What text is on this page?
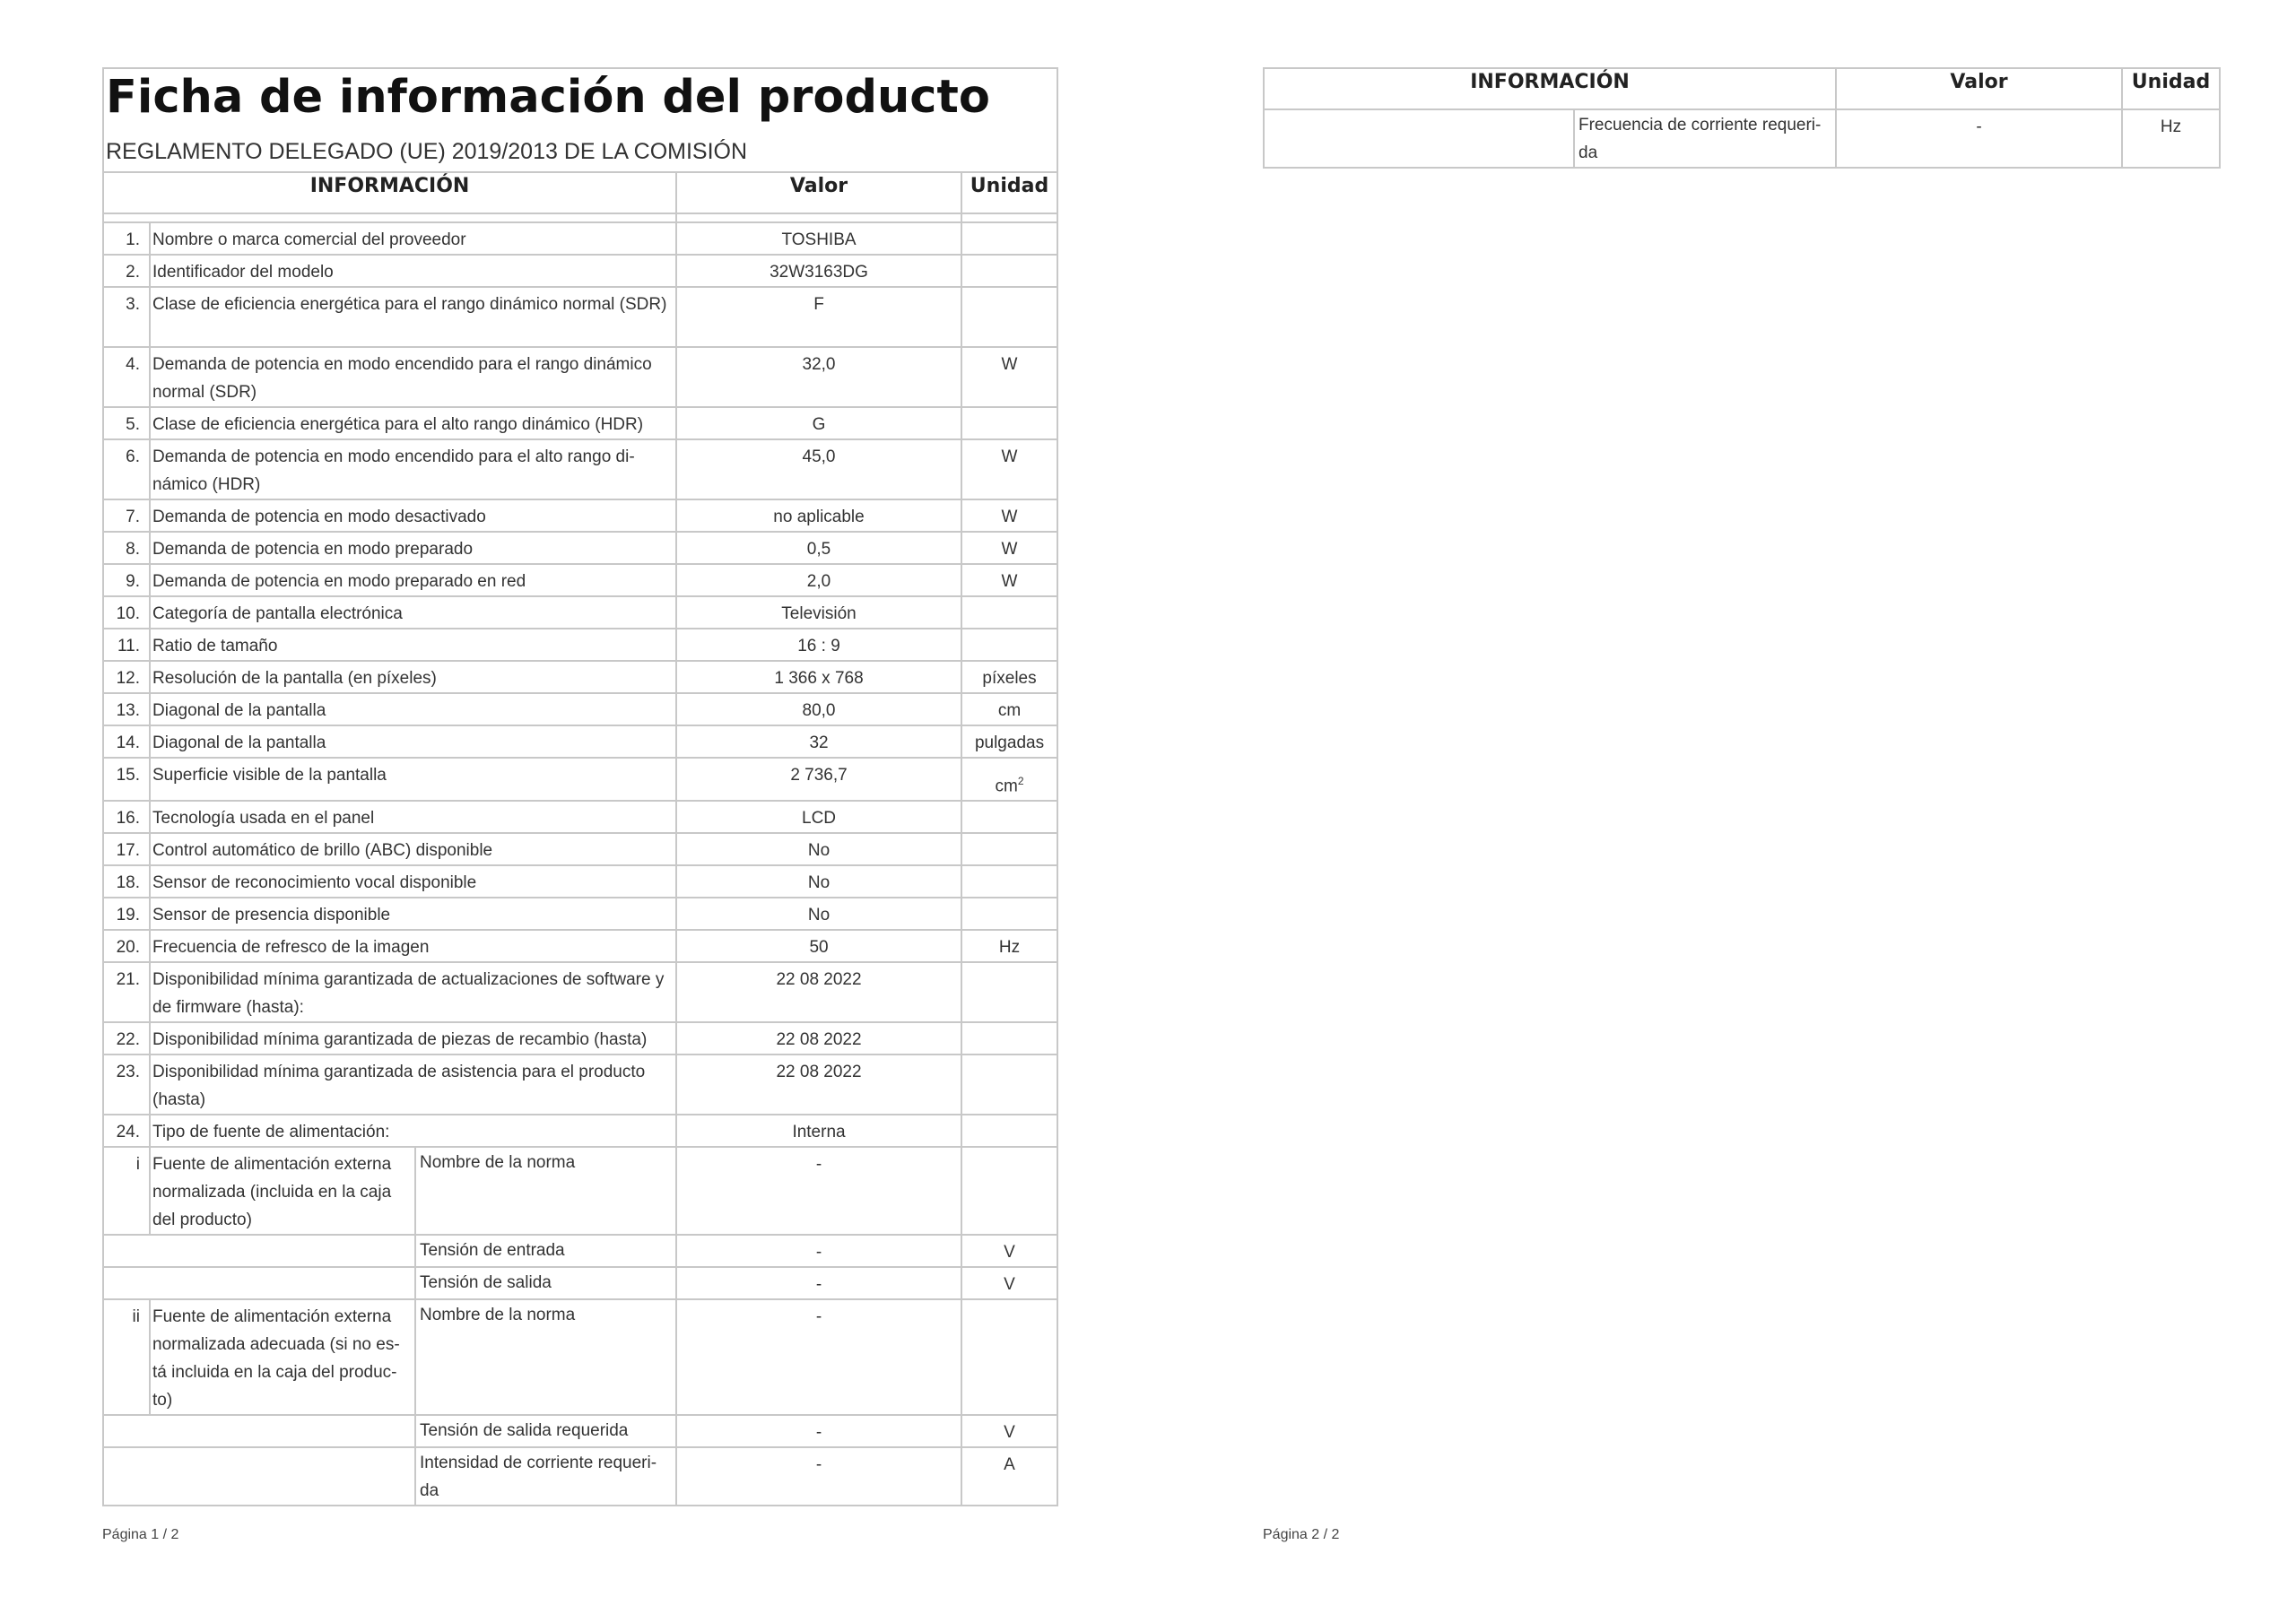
Ficha de información del producto
REGLAMENTO DELEGADO (UE) 2019/2013 DE LA COMISIÓN
INFORMACIÓN			Valor	Unidad

1.	Nombre o marca comercial del proveedor		TOSHIBA	
2.	Identificador del modelo		32W3163DG	
3.	Clase de eficiencia energética para el rango dinámico normal (SDR)		F	
4.	Demanda de potencia en modo encendido para el rango dinámico normal (SDR)		32,0	W
5.	Clase de eficiencia energética para el alto rango dinámico (HDR)		G	
6.	Demanda de potencia en modo encendido para el alto rango di-námico (HDR)		45,0	W
7.	Demanda de potencia en modo desactivado		no aplicable	W
8.	Demanda de potencia en modo preparado		0,5	W
9.	Demanda de potencia en modo preparado en red		2,0	W
10.	Categoría de pantalla electrónica		Televisión	
11.	Ratio de tamaño		16 : 9	
12.	Resolución de la pantalla (en píxeles)		1 366 x 768	píxeles
13.	Diagonal de la pantalla		80,0	cm
14.	Diagonal de la pantalla		32	pulgadas
15.	Superficie visible de la pantalla		2 736,7	$cm^2$
16.	Tecnología usada en el panel		LCD	
17.	Control automático de brillo (ABC) disponible		No	
18.	Sensor de reconocimiento vocal disponible		No	
19.	Sensor de presencia disponible		No	
20.	Frecuencia de refresco de la imagen		50	Hz
21.	Disponibilidad mínima garantizada de actualizaciones de software y de firmware (hasta):		22 08 2022	
22.	Disponibilidad mínima garantizada de piezas de recambio (hasta)		22 08 2022	
23.	Disponibilidad mínima garantizada de asistencia para el producto (hasta)		22 08 2022	
24.	Tipo de fuente de alimentación:		Interna	
i	Fuente de alimentación externa normalizada (incluida en la caja del producto)	Nombre de la norma	-	
		Tensión de entrada	-	V
		Tensión de salida	-	V
ii	Fuente de alimentación externa normalizada adecuada (si no es-tá incluida en la caja del produc-to)	Nombre de la norma	-	
		Tensión de salida requerida	-	V
		Intensidad de corriente requeri-da	-	A
Página 1 / 2
INFORMACIÓN		Valor	Unidad
	Frecuencia de corriente requeri-da	-	Hz
Página 2 / 2
